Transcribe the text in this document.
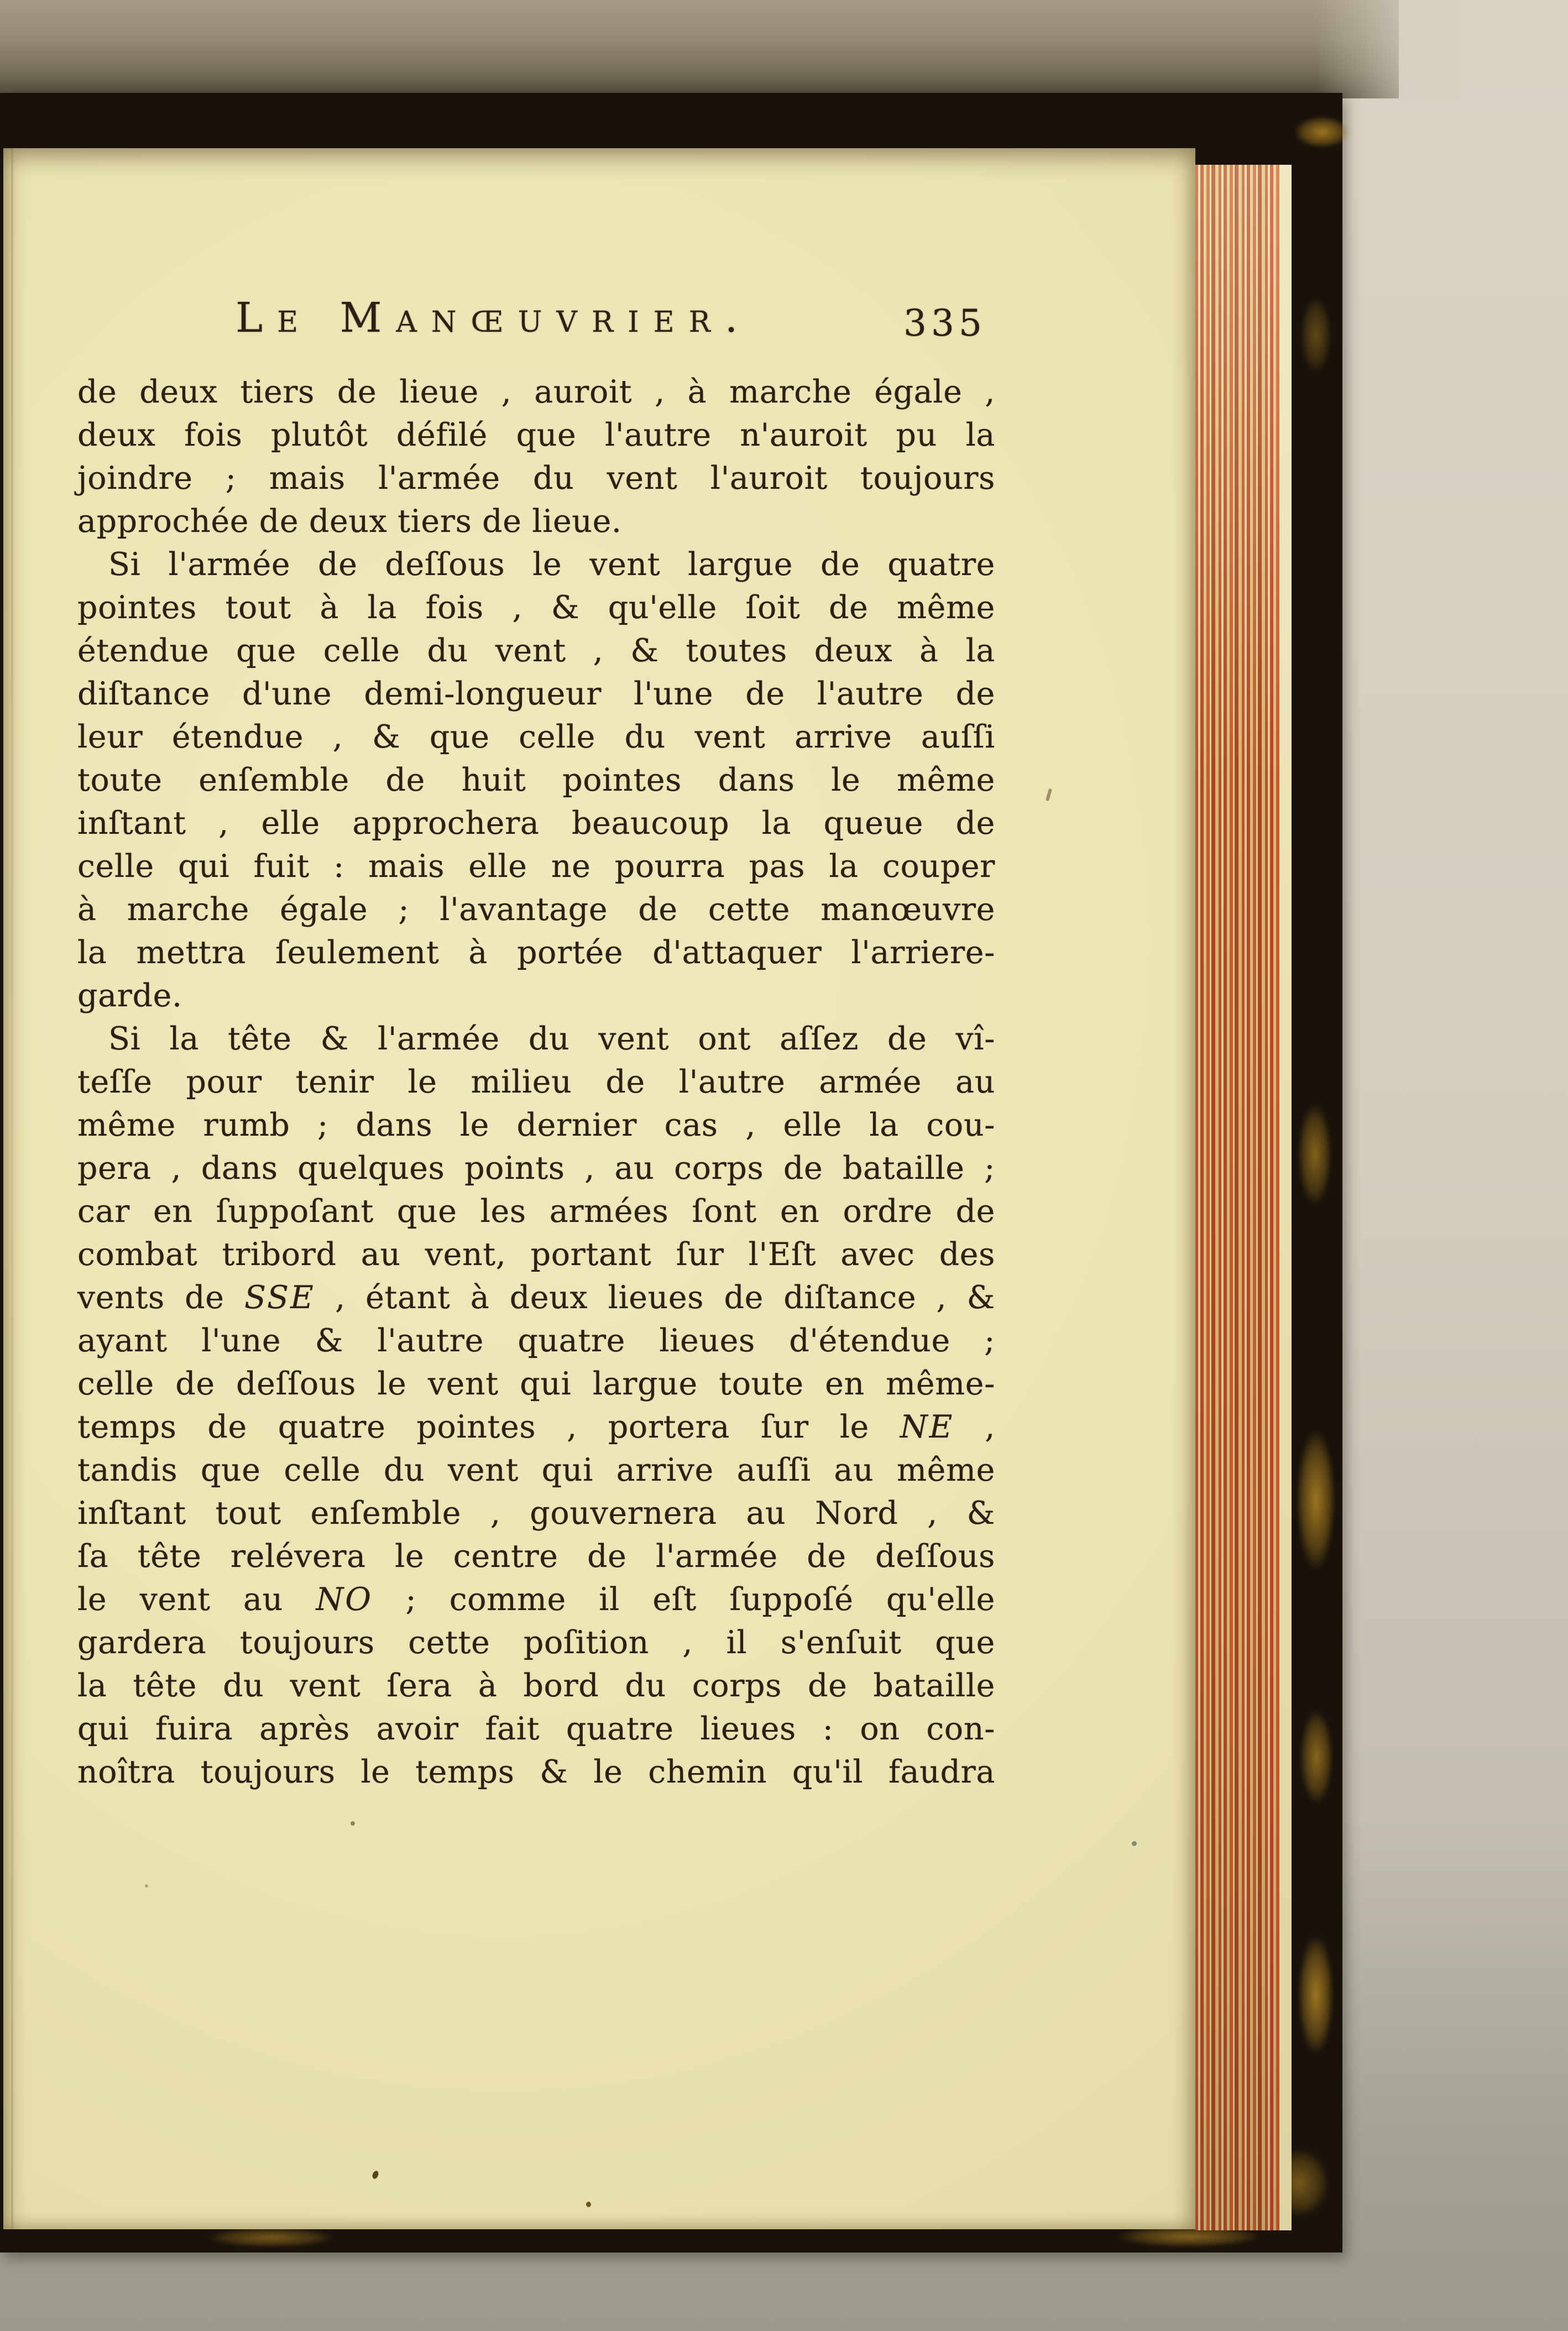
Le Manœuvrier.	335
de deux tiers de lieue , auroit , à marche égale ,
deux fois plutôt défilé que l'autre n'auroit pu la
joindre ; mais l'armée du vent l'auroit toujours
approchée de deux tiers de lieue.
Si l'armée de deſſous le vent largue de quatre
pointes tout à la fois , & qu'elle ſoit de même
étendue que celle du vent , & toutes deux à la
diſtance d'une demi-longueur l'une de l'autre de
leur étendue , & que celle du vent arrive auſſi
toute enſemble de huit pointes dans le même
inſtant , elle approchera beaucoup la queue de
celle qui fuit : mais elle ne pourra pas la couper
à marche égale ; l'avantage de cette manœuvre
la mettra ſeulement à portée d'attaquer l'arriere-
garde.
Si la tête & l'armée du vent ont aſſez de vî-
teſſe pour tenir le milieu de l'autre armée au
même rumb ; dans le dernier cas , elle la cou-
pera , dans quelques points , au corps de bataille ;
car en ſuppoſant que les armées ſont en ordre de
combat tribord au vent, portant ſur l'Eſt avec des
vents de SSE , étant à deux lieues de diſtance , &
ayant l'une & l'autre quatre lieues d'étendue ;
celle de deſſous le vent qui largue toute en même-
temps de quatre pointes , portera ſur le NE ,
tandis que celle du vent qui arrive auſſi au même
inſtant tout enſemble , gouvernera au Nord , &
ſa tête relévera le centre de l'armée de deſſous
le vent au NO ; comme il eſt ſuppoſé qu'elle
gardera toujours cette poſition , il s'enſuit que
la tête du vent ſera à bord du corps de bataille
qui fuira après avoir fait quatre lieues : on con-
noîtra toujours le temps & le chemin qu'il faudra
